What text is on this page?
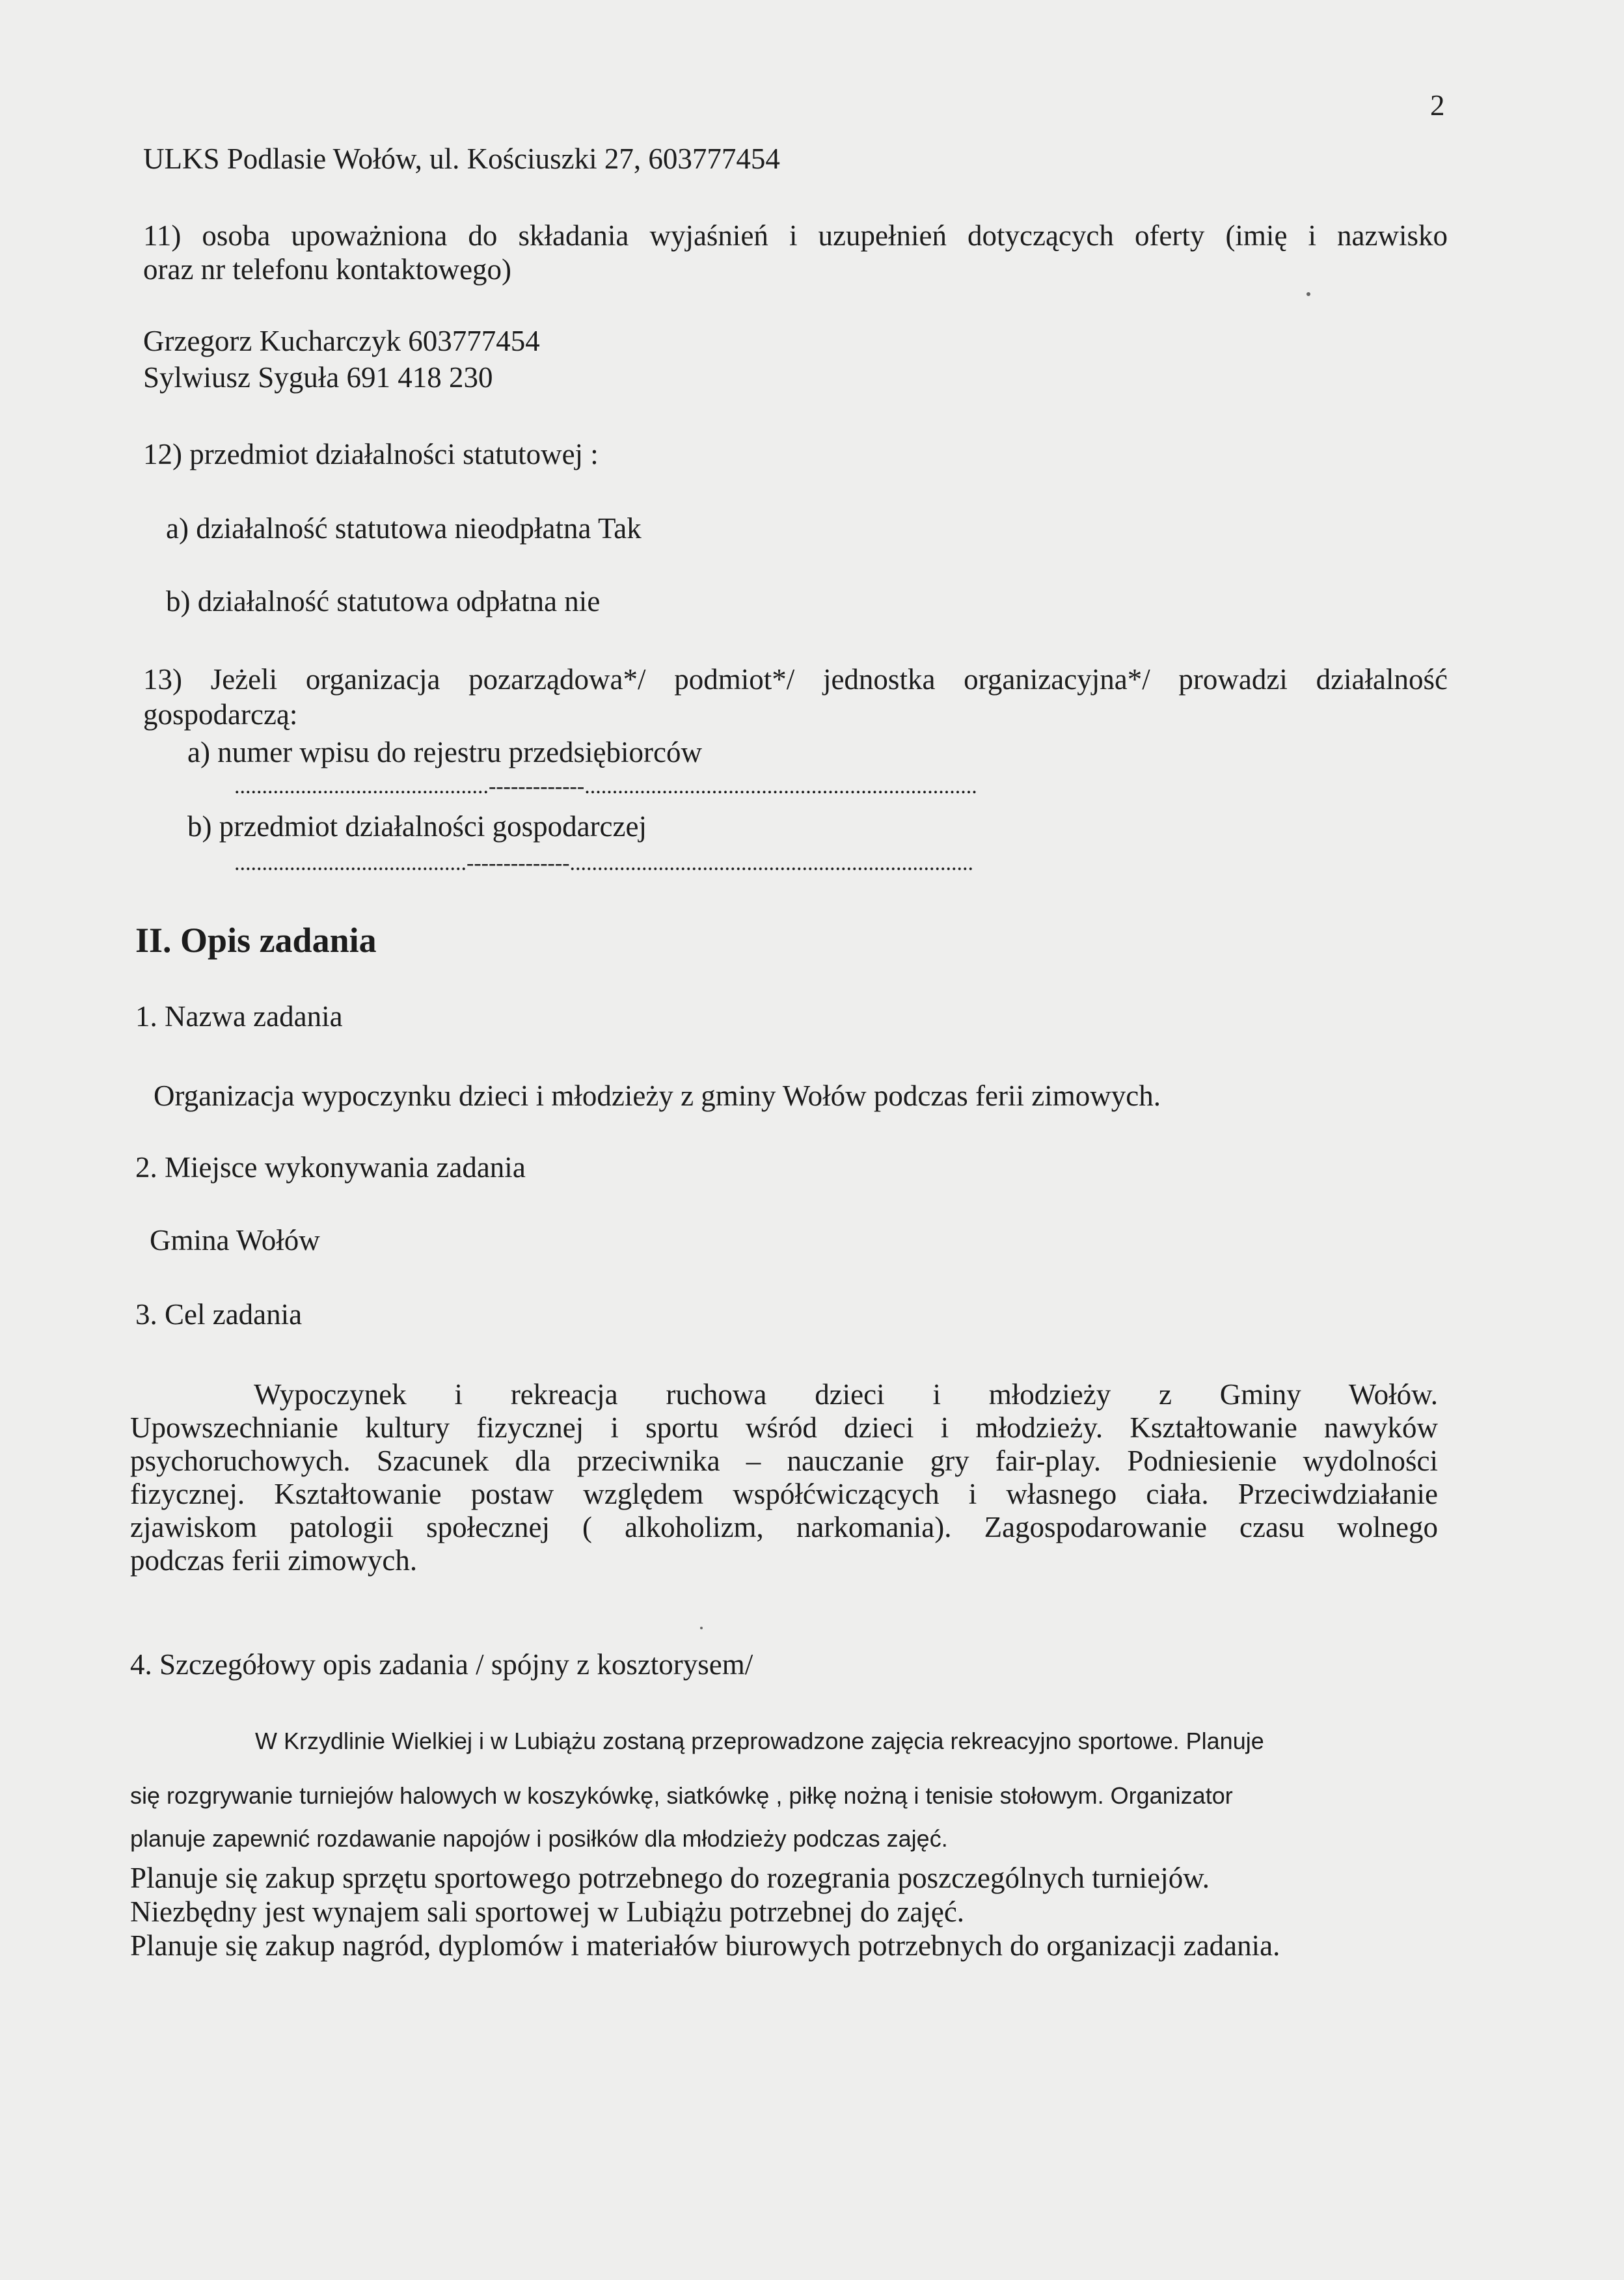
2
ULKS Podlasie Wołów, ul. Kościuszki 27, 603777454
11) osoba upoważniona do składania wyjaśnień i uzupełnień dotyczących oferty (imię i nazwisko
oraz nr telefonu kontaktowego)
Grzegorz Kucharczyk 603777454
Sylwiusz Syguła 691 418 230
12) przedmiot działalności statutowej :
a) działalność statutowa nieodpłatna Tak
b) działalność statutowa odpłatna nie
13) Jeżeli organizacja pozarządowa*/ podmiot*/ jednostka organizacyjna*/ prowadzi działalność
gospodarczą:
a) numer wpisu do rejestru przedsiębiorców
..............................................-------------.......................................................................
b) przedmiot działalności gospodarczej
..........................................--------------.........................................................................
II. Opis zadania
1. Nazwa zadania
Organizacja wypoczynku dzieci i młodzieży z gminy Wołów podczas ferii zimowych.
2. Miejsce wykonywania zadania
Gmina Wołów
3. Cel zadania
Wypoczynek i rekreacja ruchowa dzieci i młodzieży z Gminy Wołów.
Upowszechnianie kultury fizycznej i sportu wśród dzieci i młodzieży. Kształtowanie nawyków
psychoruchowych. Szacunek dla przeciwnika – nauczanie gry fair-play. Podniesienie wydolności
fizycznej. Kształtowanie postaw względem współćwiczących i własnego ciała. Przeciwdziałanie
zjawiskom patologii społecznej ( alkoholizm, narkomania). Zagospodarowanie czasu wolnego
podczas ferii zimowych.
4. Szczegółowy opis zadania / spójny z kosztorysem/
W Krzydlinie Wielkiej i w Lubiążu zostaną przeprowadzone zajęcia rekreacyjno sportowe. Planuje
się rozgrywanie turniejów halowych w koszykówkę, siatkówkę , piłkę nożną i tenisie stołowym. Organizator
planuje zapewnić rozdawanie napojów i posiłków dla młodzieży podczas zajęć.
Planuje się zakup sprzętu sportowego potrzebnego do rozegrania poszczególnych turniejów.
Niezbędny jest wynajem sali sportowej w Lubiążu potrzebnej do zajęć.
Planuje się zakup nagród, dyplomów i materiałów biurowych potrzebnych do organizacji zadania.
